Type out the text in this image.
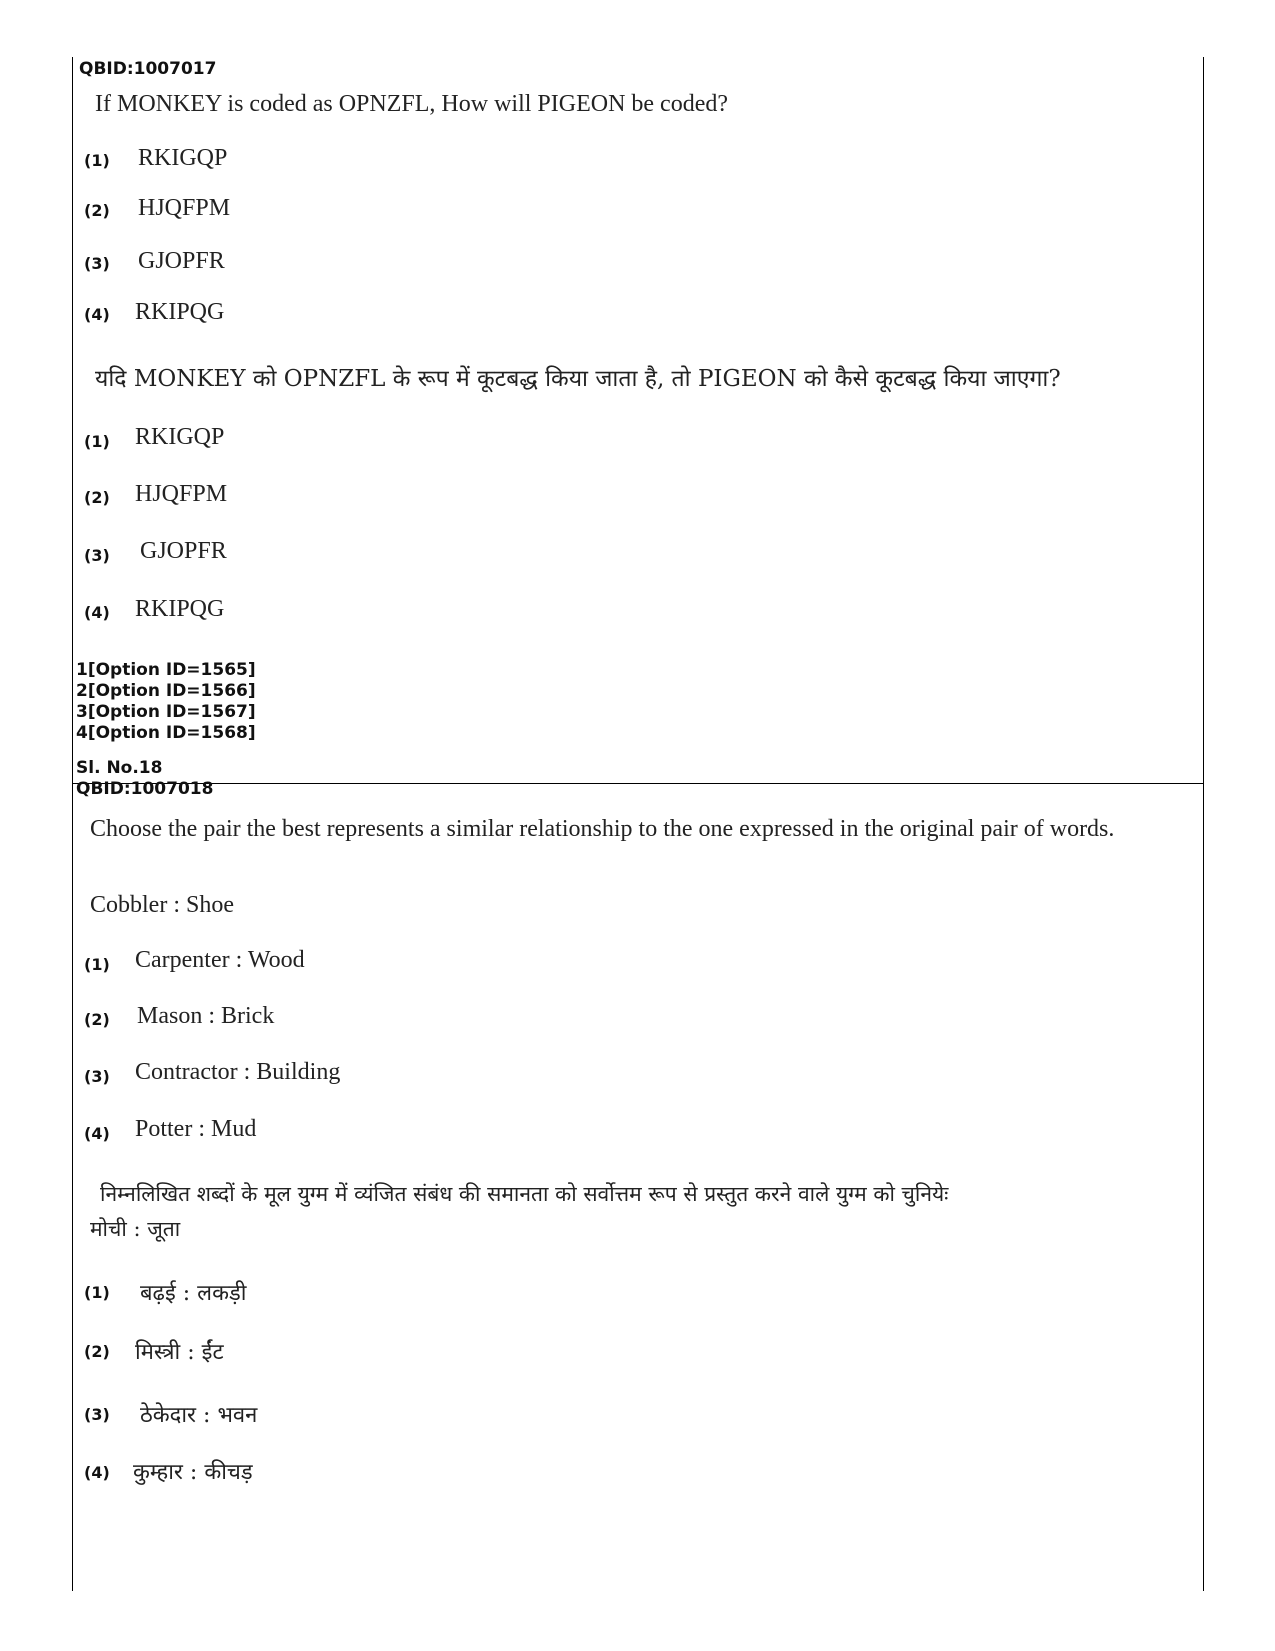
QBID:1007017
If MONKEY is coded as OPNZFL, How will PIGEON be coded?
(1) RKIGQP
(2) HJQFPM
(3) GJOPFR
(4) RKIPQG
यदि MONKEY को OPNZFL के रूप में कूटबद्ध किया जाता है, तो PIGEON को कैसे कूटबद्ध किया जाएगा?
(1) RKIGQP
(2) HJQFPM
(3) GJOPFR
(4) RKIPQG
1[Option ID=1565]
2[Option ID=1566]
3[Option ID=1567]
4[Option ID=1568]
Sl. No.18
QBID:1007018
Choose the pair the best represents a similar relationship to the one expressed in the original pair of words.
Cobbler : Shoe
(1) Carpenter : Wood
(2) Mason : Brick
(3) Contractor : Building
(4) Potter : Mud
निम्नलिखित शब्दों के मूल युग्म में व्यंजित संबंध की समानता को सर्वोत्तम रूप से प्रस्तुत करने वाले युग्म को चुनियेः
मोची : जूता
(1) बढ़ई : लकड़ी
(2) मिस्त्री : ईंट
(3) ठेकेदार : भवन
(4) कुम्हार : कीचड़
